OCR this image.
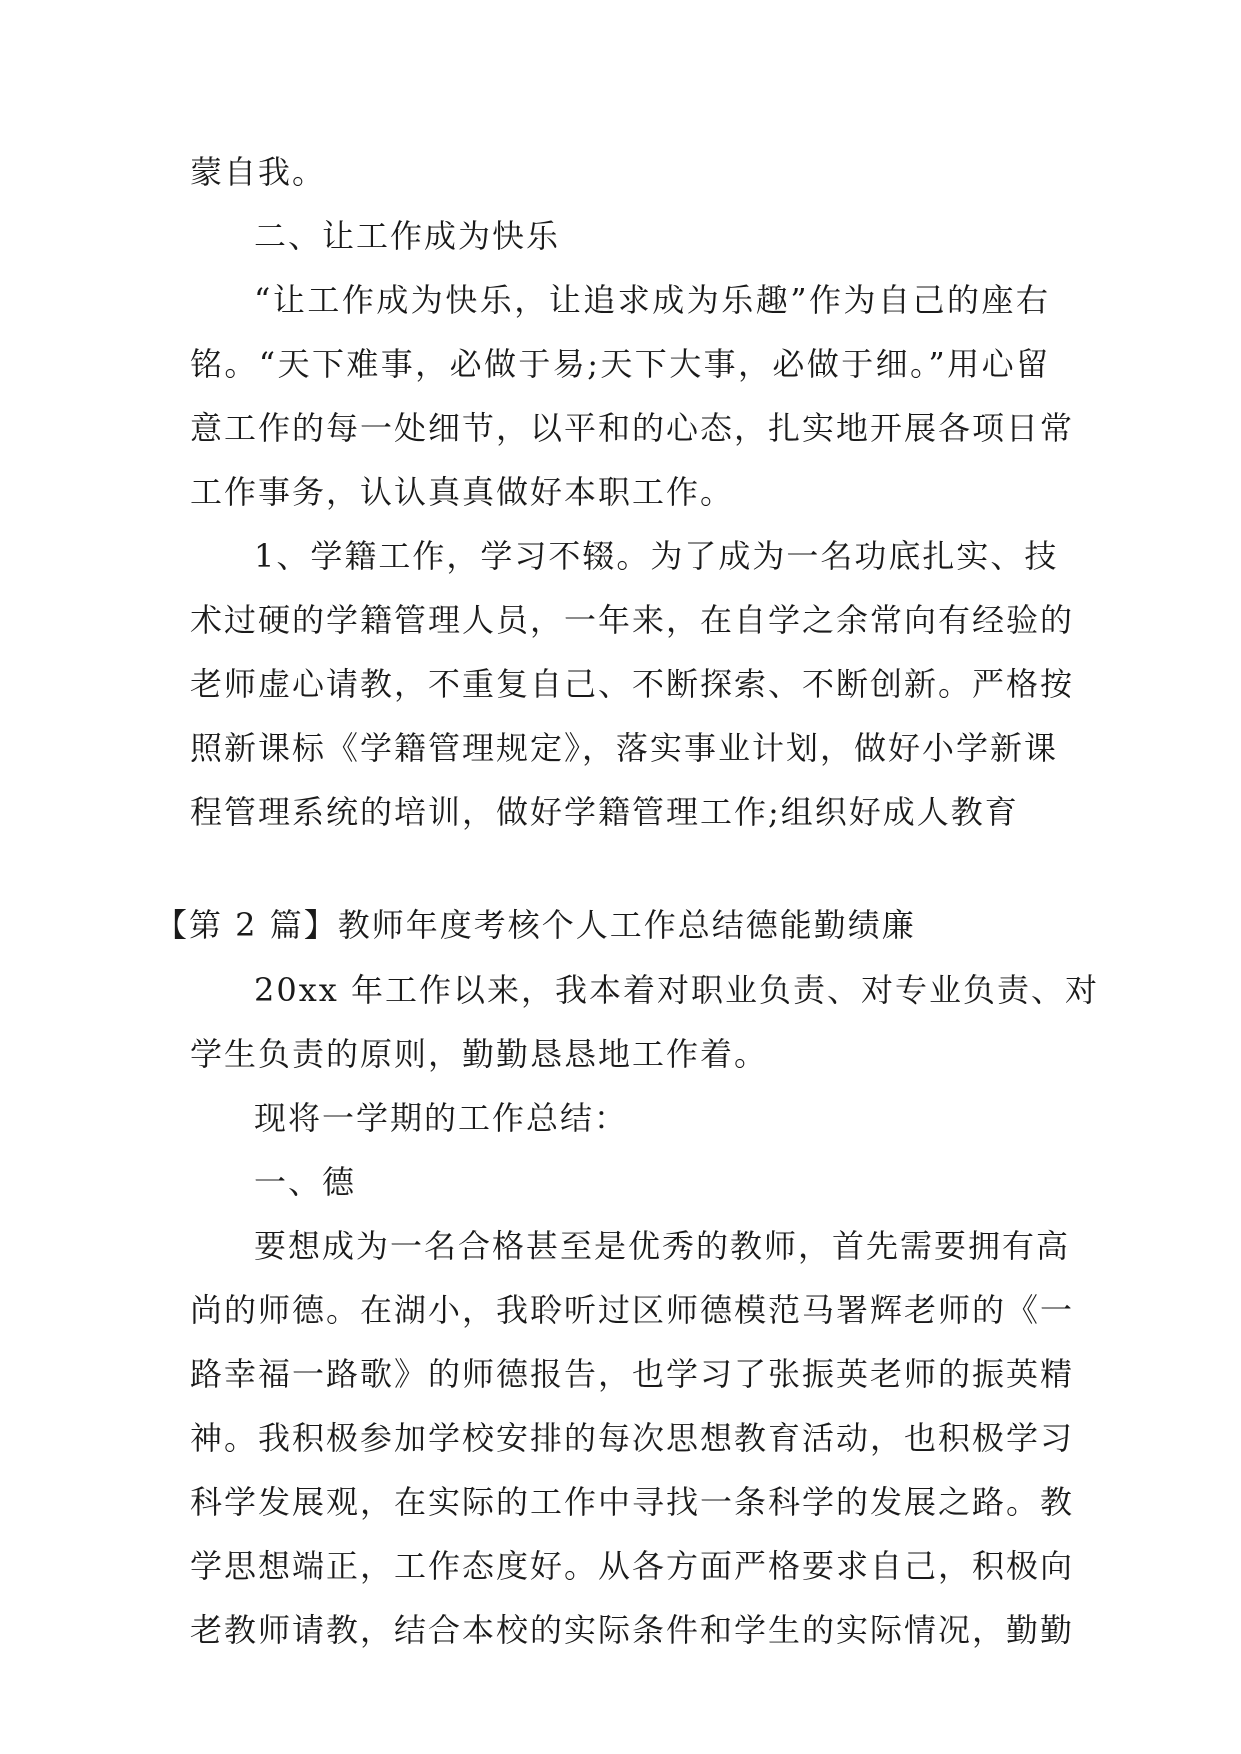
蒙自我。
二、让工作成为快乐
“让工作成为快乐，让追求成为乐趣”作为自己的座右
铭。“天下难事，必做于易;天下大事，必做于细。”用心留
意工作的每一处细节，以平和的心态，扎实地开展各项日常
工作事务，认认真真做好本职工作。
1、学籍工作，学习不辍。为了成为一名功底扎实、技
术过硬的学籍管理人员，一年来，在自学之余常向有经验的
老师虚心请教，不重复自己、不断探索、不断创新。严格按
照新课标《学籍管理规定》，落实事业计划，做好小学新课
程管理系统的培训，做好学籍管理工作;组织好成人教育
【第 2 篇】教师年度考核个人工作总结德能勤绩廉
20xx 年工作以来，我本着对职业负责、对专业负责、对
学生负责的原则，勤勤恳恳地工作着。
现将一学期的工作总结：
一、德
要想成为一名合格甚至是优秀的教师，首先需要拥有高
尚的师德。在湖小，我聆听过区师德模范马署辉老师的《一
路幸福一路歌》的师德报告，也学习了张振英老师的振英精
神。我积极参加学校安排的每次思想教育活动，也积极学习
科学发展观，在实际的工作中寻找一条科学的发展之路。教
学思想端正，工作态度好。从各方面严格要求自己，积极向
老教师请教，结合本校的实际条件和学生的实际情况，勤勤
